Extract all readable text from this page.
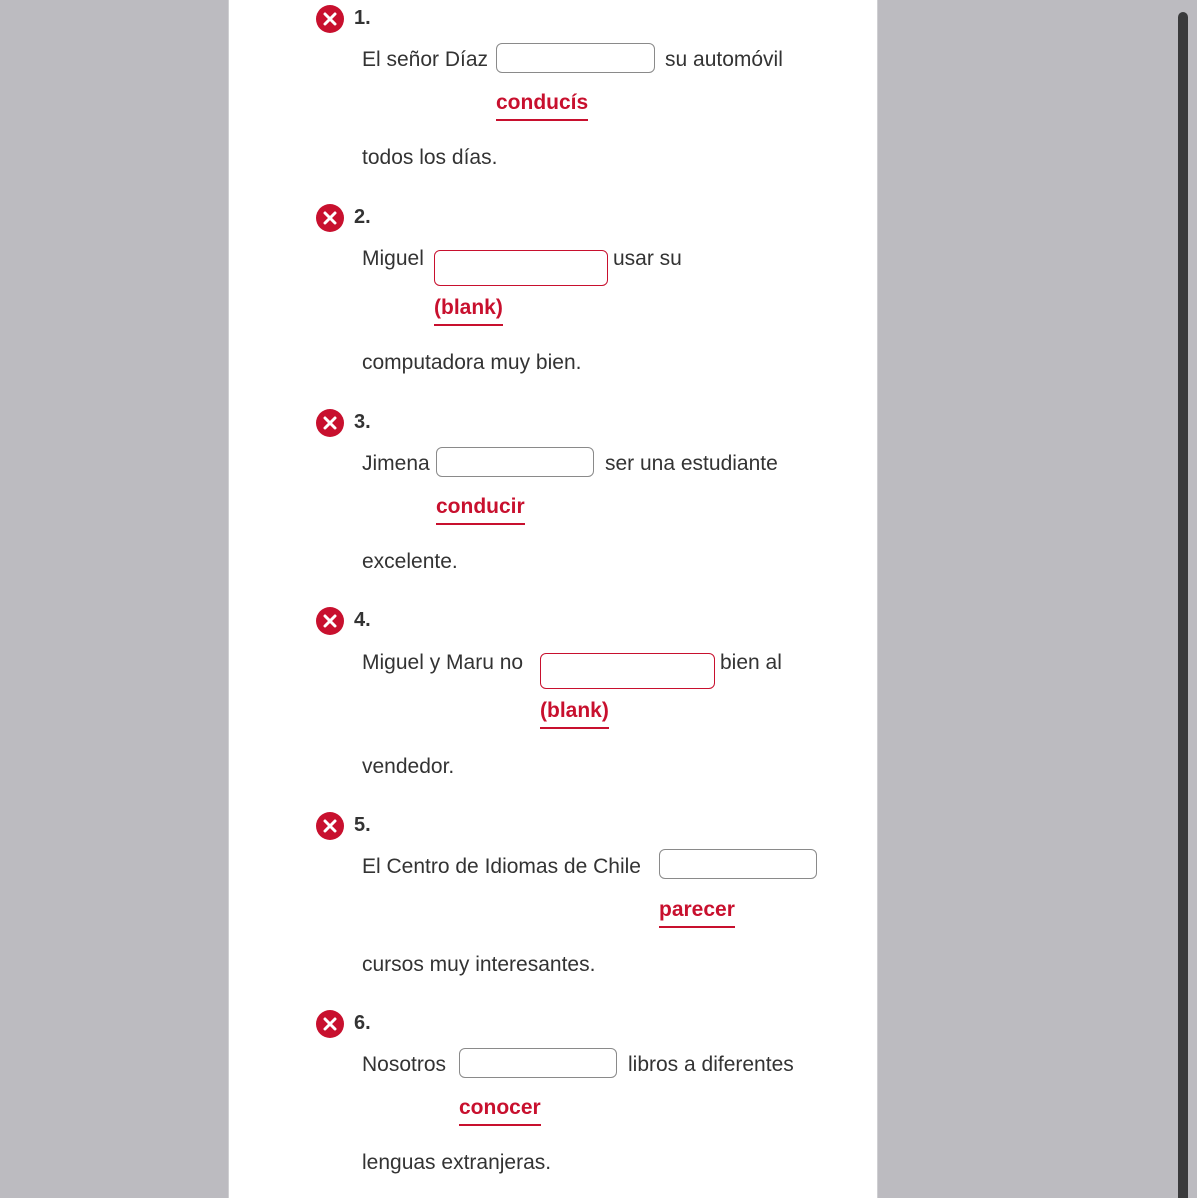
1.
El señor Díaz	su automóvil
conducís
todos los días.
2.
Miguel	usar su
(blank)
computadora muy bien.
3.
Jimena	ser una estudiante
conducir
excelente.
4.
Miguel y Maru no	bien al
(blank)
vendedor.
5.
El Centro de Idiomas de Chile
parecer
cursos muy interesantes.
6.
Nosotros	libros a diferentes
conocer
lenguas extranjeras.
